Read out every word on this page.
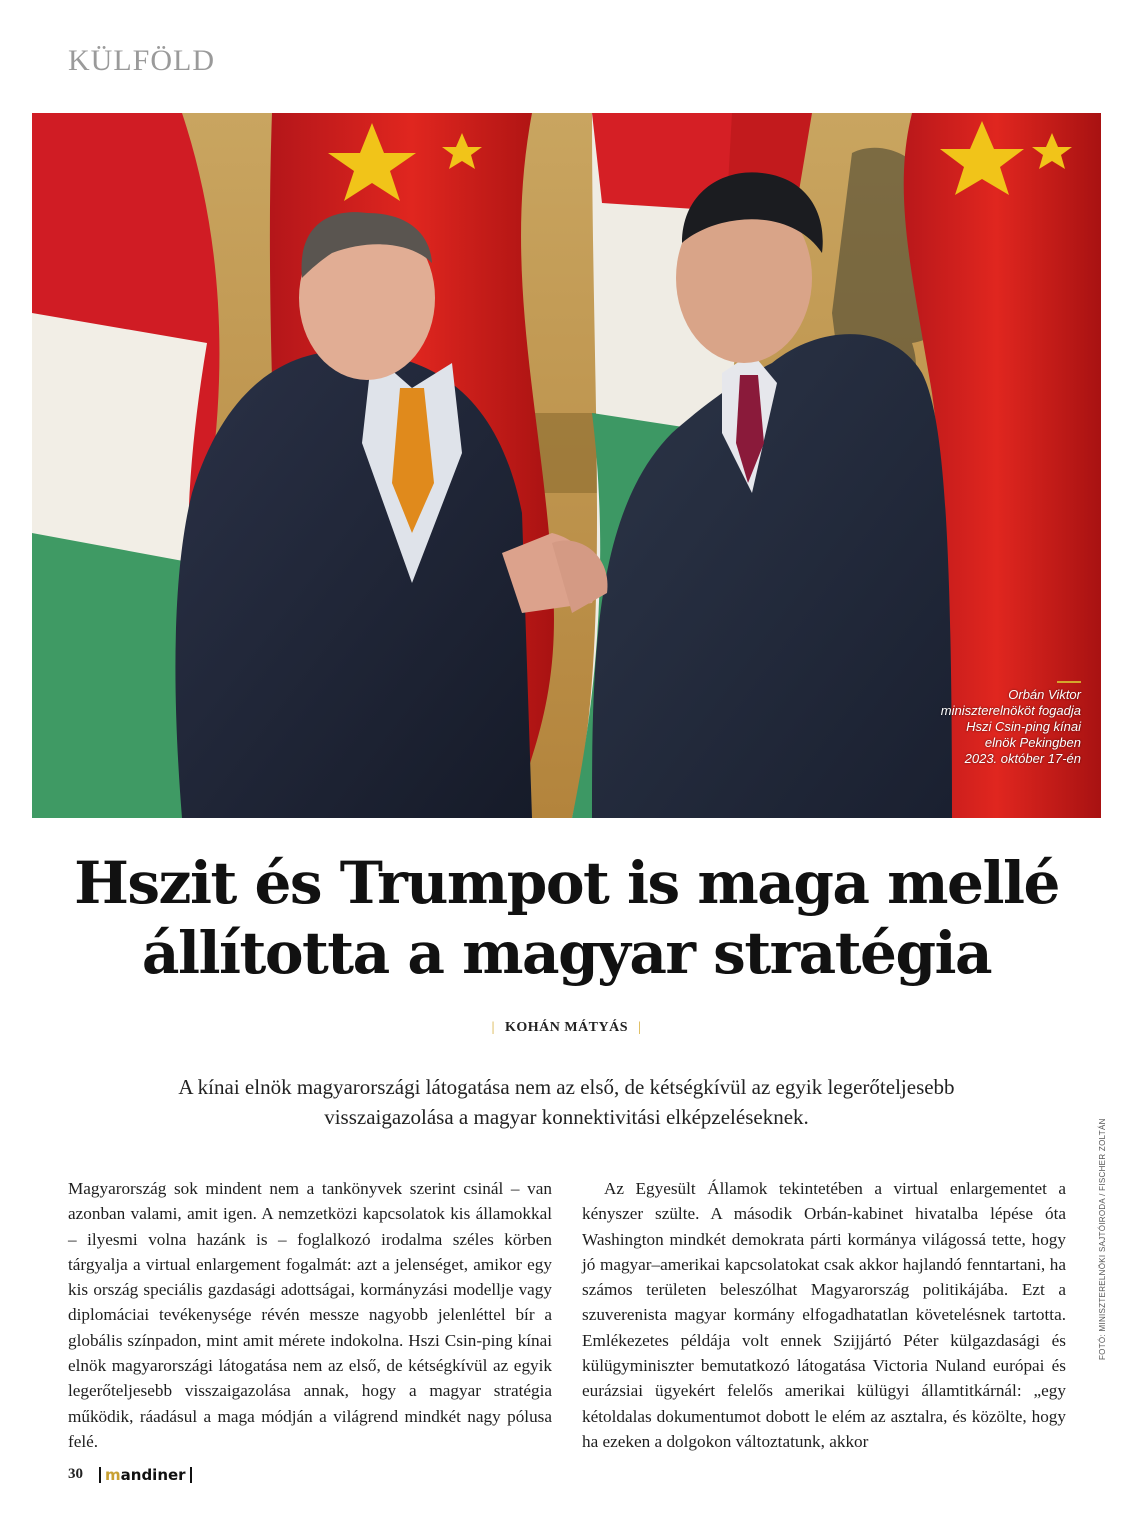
KÜLFÖLD
Orbán Viktor
miniszterelnököt fogadja
Hszi Csin-ping kínai
elnök Pekingben
2023. október 17-én
Hszit és Trumpot is maga mellé
állította a magyar stratégia
| KOHÁN MÁTYÁS |

A kínai elnök magyarországi látogatása nem az első, de kétségkívül az egyik legerőteljesebb visszaigazolása a magyar konnektivitási elképzeléseknek.

Magyarország sok mindent nem a tankönyvek szerint csinál – van azonban valami, amit igen. A nemzetközi kapcsolatok kis államokkal – ilyesmi volna hazánk is – foglalkozó irodalma széles körben tárgyalja a virtual enlargement fogalmát: azt a jelenséget, amikor egy kis ország speciális gazdasági adottságai, kormányzási modellje vagy diplomáciai tevékenysége révén messze nagyobb jelenléttel bír a globális színpadon, mint amit mérete indokolna. Hszi Csin-ping kínai elnök magyarországi látogatása nem az első, de kétségkívül az egyik legerőteljesebb visszaigazolása annak, hogy a magyar stratégia működik, ráadásul a maga módján a világrend mindkét nagy pólusa felé.

Az Egyesült Államok tekintetében a virtual enlargementet a kényszer szülte. A második Orbán-kabinet hivatalba lépése óta Washington mindkét demokrata párti kormánya világossá tette, hogy jó magyar–amerikai kapcsolatokat csak akkor hajlandó fenntartani, ha számos területen beleszólhat Magyarország politikájába. Ezt a szuverenista magyar kormány elfogadhatatlan követelésnek tartotta. Emlékezetes példája volt ennek Szijjártó Péter külgazdasági és külügyminiszter bemutatkozó látogatása Victoria Nuland európai és eurázsiai ügyekért felelős amerikai külügyi államtitkárnál: „egy kétoldalas dokumentumot dobott le elém az asztalra, és közölte, hogy ha ezeken a dolgokon változtatunk, akkor

FOTÓ: MINISZTERELNÖKI SAJTÓIRODA / FISCHER ZOLTÁN
30	mandiner
